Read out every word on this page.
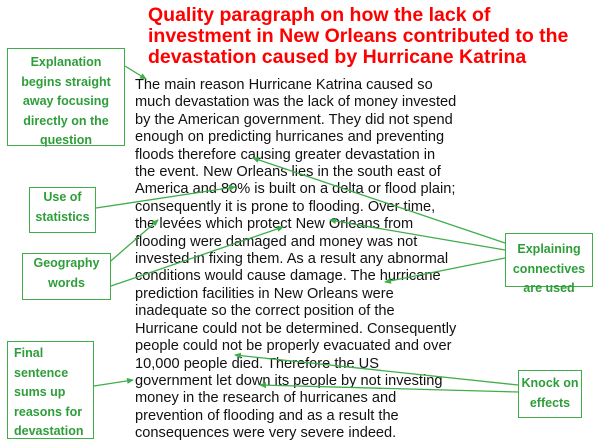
Quality paragraph on how the lack of
investment in New Orleans contributed to the
devastation caused by Hurricane Katrina
The main reason Hurricane Katrina caused so
much devastation was the lack of money invested
by the American government. They did not spend
enough on predicting hurricanes and preventing
floods therefore causing greater devastation in
the event. New Orleans lies in the south east of
America and 80% is built on a delta or flood plain;
consequently it is prone to flooding. Over time,
the levées which protect New Orleans from
flooding were damaged and money was not
invested in fixing them. As a result any abnormal
conditions would cause damage. The hurricane
prediction facilities in New Orleans were
inadequate so the correct position of the
Hurricane could not be determined. Consequently
people could not be properly evacuated and over
10,000 people died. Therefore the US
government let down its people by not investing
money in the research of hurricanes and
prevention of flooding and as a result the
consequences were very severe indeed.
Explanation
begins straight
away focusing
directly on the
question
Use of
statistics
Geography
words
Final
sentence
sums up
reasons for
devastation
Explaining
connectives
are used
Knock on
effects
